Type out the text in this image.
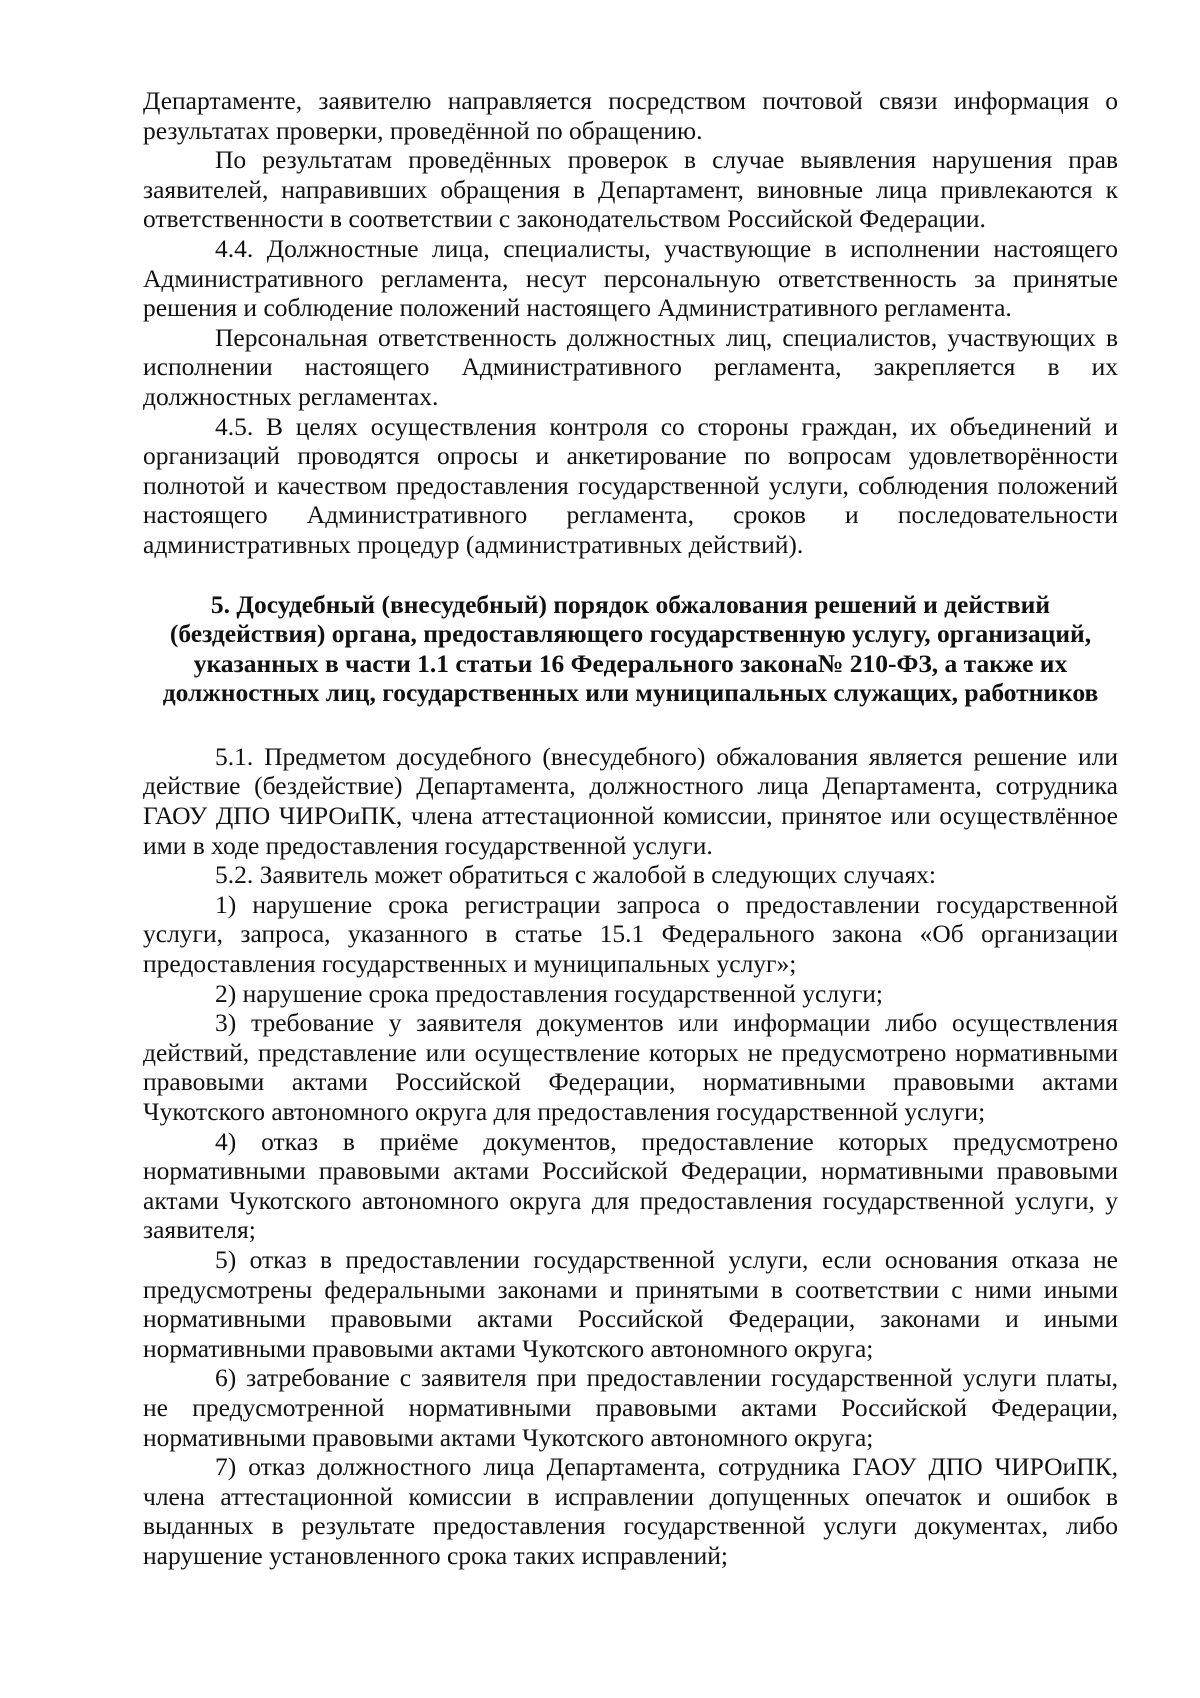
Департаменте, заявителю направляется посредством почтовой связи информация о результатах проверки, проведённой по обращению.

По результатам проведённых проверок в случае выявления нарушения прав заявителей, направивших обращения в Департамент, виновные лица привлекаются к ответственности в соответствии с законодательством Российской Федерации.

4.4. Должностные лица, специалисты, участвующие в исполнении настоящего Административного регламента, несут персональную ответственность за принятые решения и соблюдение положений настоящего Административного регламента.

Персональная ответственность должностных лиц, специалистов, участвующих в исполнении настоящего Административного регламента, закрепляется в их должностных регламентах.

4.5. В целях осуществления контроля со стороны граждан, их объединений и организаций проводятся опросы и анкетирование по вопросам удовлетворённости полнотой и качеством предоставления государственной услуги, соблюдения положений настоящего Административного регламента, сроков и последовательности административных процедур (административных действий).

5. Досудебный (внесудебный) порядок обжалования решений и действий (бездействия) органа, предоставляющего государственную услугу, организаций, указанных в части 1.1 статьи 16 Федерального закона№ 210-ФЗ, а также их должностных лиц, государственных или муниципальных служащих, работников

5.1. Предметом досудебного (внесудебного) обжалования является решение или действие (бездействие) Департамента, должностного лица Департамента, сотрудника ГАОУ ДПО ЧИРОиПК, члена аттестационной комиссии, принятое или осуществлённое ими в ходе предоставления государственной услуги.

5.2. Заявитель может обратиться с жалобой в следующих случаях:

1) нарушение срока регистрации запроса о предоставлении государственной услуги, запроса, указанного в статье 15.1 Федерального закона «Об организации предоставления государственных и муниципальных услуг»;

2) нарушение срока предоставления государственной услуги;

3) требование у заявителя документов или информации либо осуществления действий, представление или осуществление которых не предусмотрено нормативными правовыми актами Российской Федерации, нормативными правовыми актами Чукотского автономного округа для предоставления государственной услуги;

4) отказ в приёме документов, предоставление которых предусмотрено нормативными правовыми актами Российской Федерации, нормативными правовыми актами Чукотского автономного округа для предоставления государственной услуги, у заявителя;

5) отказ в предоставлении государственной услуги, если основания отказа не предусмотрены федеральными законами и принятыми в соответствии с ними иными нормативными правовыми актами Российской Федерации, законами и иными нормативными правовыми актами Чукотского автономного округа;

6) затребование с заявителя при предоставлении государственной услуги платы, не предусмотренной нормативными правовыми актами Российской Федерации, нормативными правовыми актами Чукотского автономного округа;

7) отказ должностного лица Департамента, сотрудника ГАОУ ДПО ЧИРОиПК, члена аттестационной комиссии в исправлении допущенных опечаток и ошибок в выданных в результате предоставления государственной услуги документах, либо нарушение установленного срока таких исправлений;
